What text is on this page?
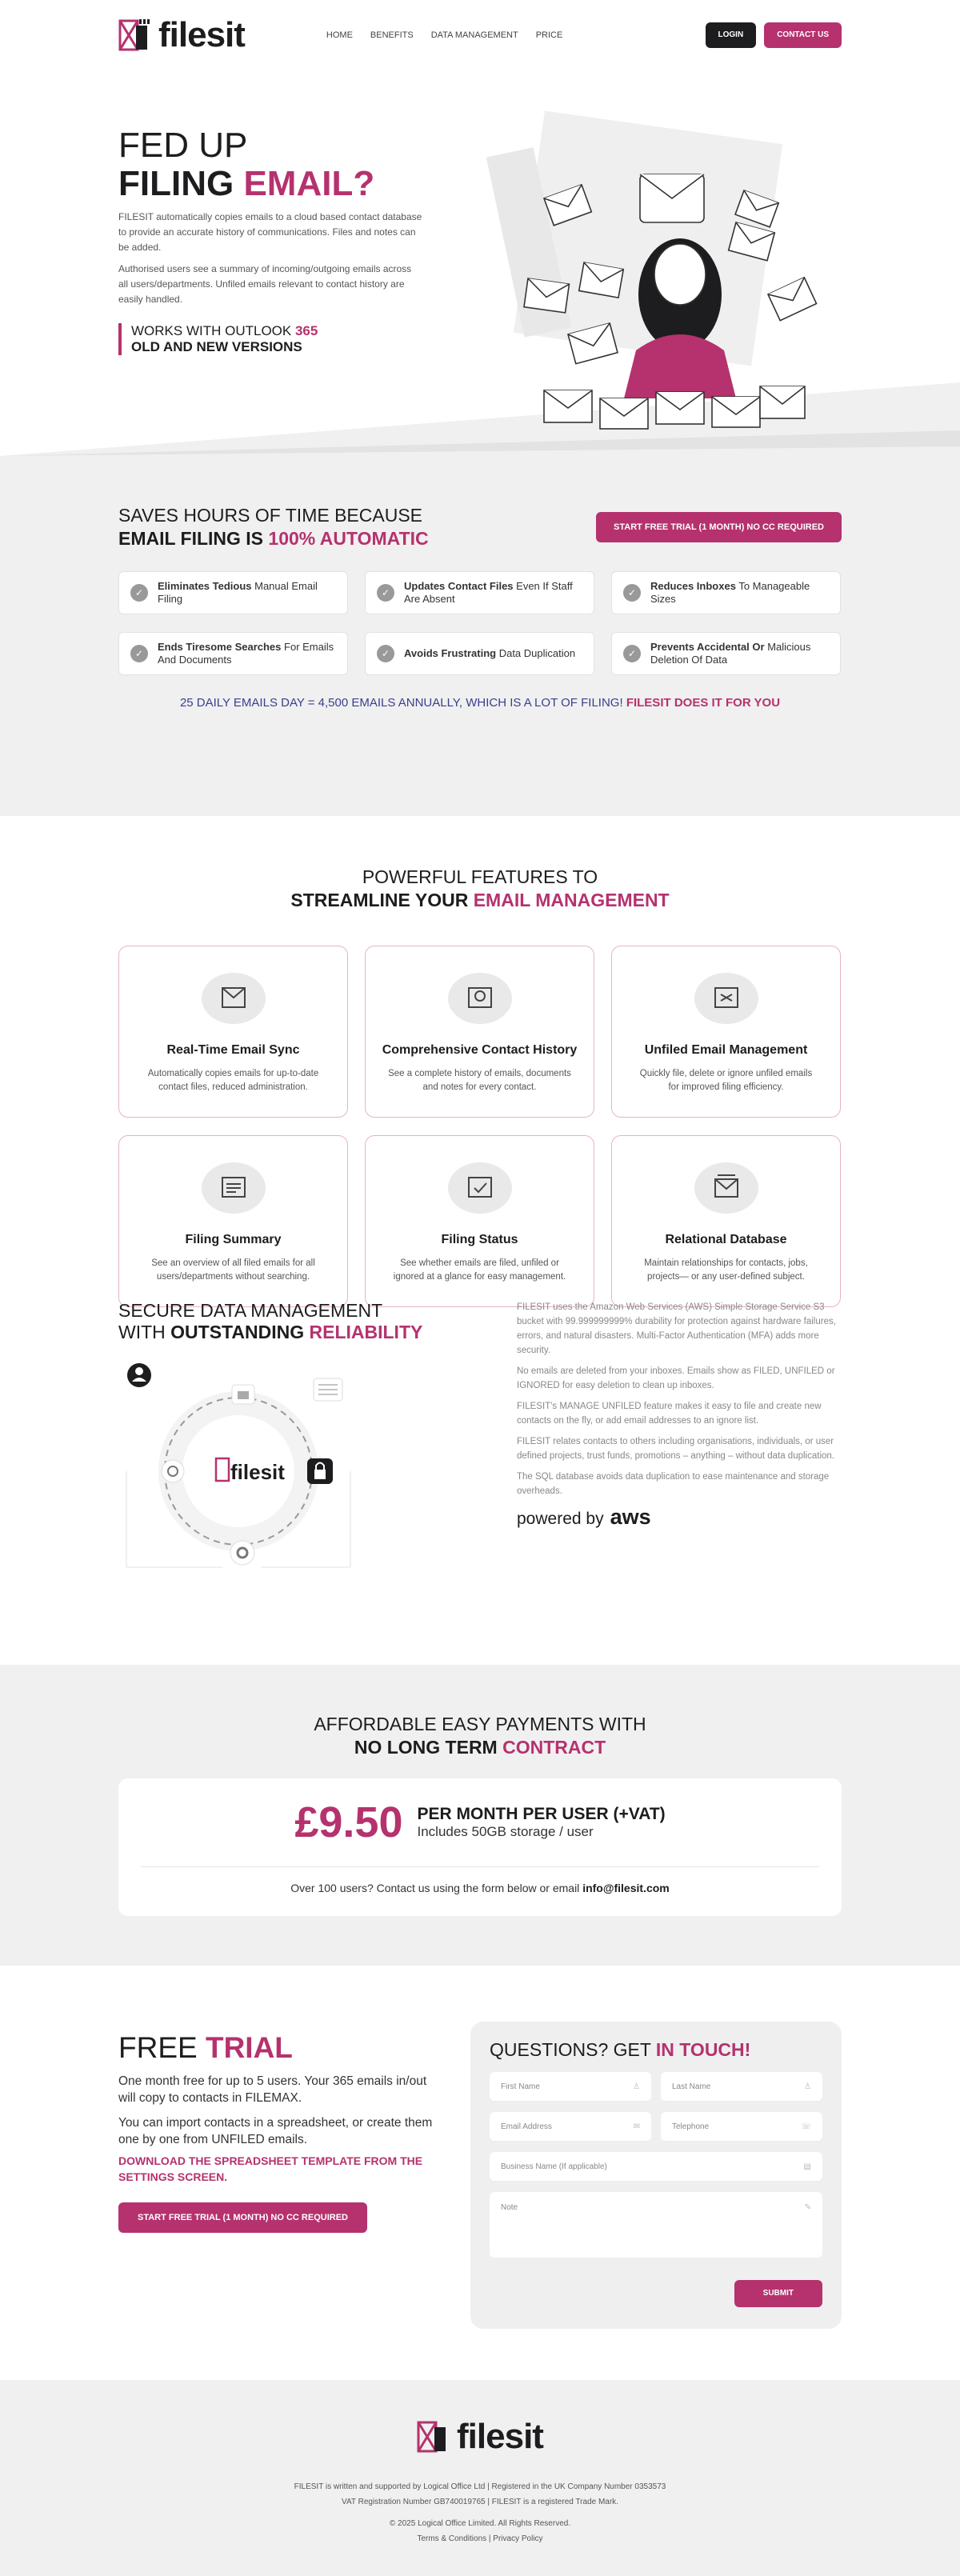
filesit	HOME BENEFITS DATA MANAGEMENT PRICE	LOGIN	CONTACT US
FED UP
FILING EMAIL?

FILESIT automatically copies emails to a cloud based contact database to provide an accurate history of communications. Files and notes can be added.

Authorised users see a summary of incoming/outgoing emails across all users/departments. Unfiled emails relevant to contact history are easily handled.

WORKS WITH OUTLOOK 365
OLD AND NEW VERSIONS
SAVES HOURS OF TIME BECAUSE
EMAIL FILING IS 100% AUTOMATIC
START FREE TRIAL (1 MONTH) NO CC REQUIRED
✓
Eliminates Tedious Manual Email Filing	✓
Updates Contact Files Even If Staff Are Absent	✓
Reduces Inboxes To Manageable Sizes
✓
Ends Tiresome Searches For Emails And Documents	✓	Avoids Frustrating Data Duplication	✓
Prevents Accidental Or Malicious Deletion Of Data
25 DAILY EMAILS DAY = 4,500 EMAILS ANNUALLY, WHICH IS A LOT OF FILING! FILESIT DOES IT FOR YOU
POWERFUL FEATURES TO
STREAMLINE YOUR EMAIL MANAGEMENT
Real-Time Email Sync

Automatically copies emails for up-to-date contact files, reduced administration.

Comprehensive Contact History

See a complete history of emails, documents and notes for every contact.

Unfiled Email Management

Quickly file, delete or ignore unfiled emails for improved filing efficiency.

Filing Summary

See an overview of all filed emails for all users/departments without searching.

Filing Status

See whether emails are filed, unfiled or ignored at a glance for easy management.

Relational Database

Maintain relationships for contacts, jobs, projects— or any user-defined subject.

SECURE DATA MANAGEMENT
WITH OUTSTANDING RELIABILITY
filesit

FILESIT uses the Amazon Web Services (AWS) Simple Storage Service S3 bucket with 99.999999999% durability for protection against hardware failures, errors, and natural disasters. Multi-Factor Authentication (MFA) adds more security.

No emails are deleted from your inboxes. Emails show as FILED, UNFILED or IGNORED for easy deletion to clean up inboxes.

FILESIT's MANAGE UNFILED feature makes it easy to file and create new contacts on the fly, or add email addresses to an ignore list.

FILESIT relates contacts to others including organisations, individuals, or user defined projects, trust funds, promotions – anything – without data duplication.

The SQL database avoids data duplication to ease maintenance and storage overheads.

powered by aws
AFFORDABLE EASY PAYMENTS WITH
NO LONG TERM CONTRACT
£9.50 PER MONTH PER USER (+VAT)
Includes 50GB storage / user
Over 100 users? Contact us using the form below or email info@filesit.com
FREE TRIAL

One month free for up to 5 users. Your 365 emails in/out will copy to contacts in FILEMAX.

You can import contacts in a spreadsheet, or create them one by one from UNFILED emails.

DOWNLOAD THE SPREADSHEET TEMPLATE FROM THE SETTINGS SCREEN.
START FREE TRIAL (1 MONTH) NO CC REQUIRED
QUESTIONS? GET IN TOUCH!
First Name	♙	Last Name	♙
Email Address	✉	Telephone	☏
Business Name (If applicable)	▤
Note	✎
SUBMIT
filesit

FILESIT is written and supported by Logical Office Ltd | Registered in the UK Company Number 0353573

VAT Registration Number GB740019765 | FILESIT is a registered Trade Mark.

© 2025 Logical Office Limited. All Rights Reserved.

Terms & Conditions | Privacy Policy
